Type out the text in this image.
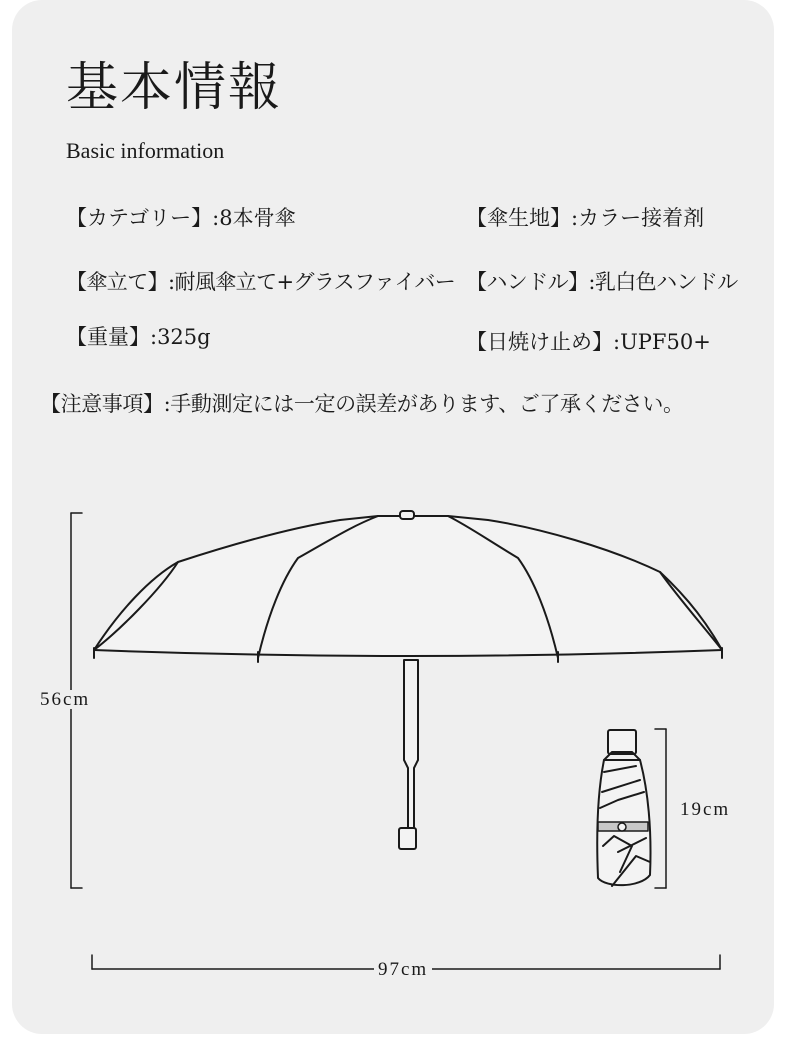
基本情報
Basic information
【カテゴリー】:8本骨傘	【傘生地】:カラー接着剤
【傘立て】:耐風傘立て+グラスファイバー 【ハンドル】:乳白色ハンドル
【重量】:325g	【日焼け止め】:UPF50+
【注意事項】:手動測定には一定の誤差があります、ご了承ください。
56cm
97cm
19cm
